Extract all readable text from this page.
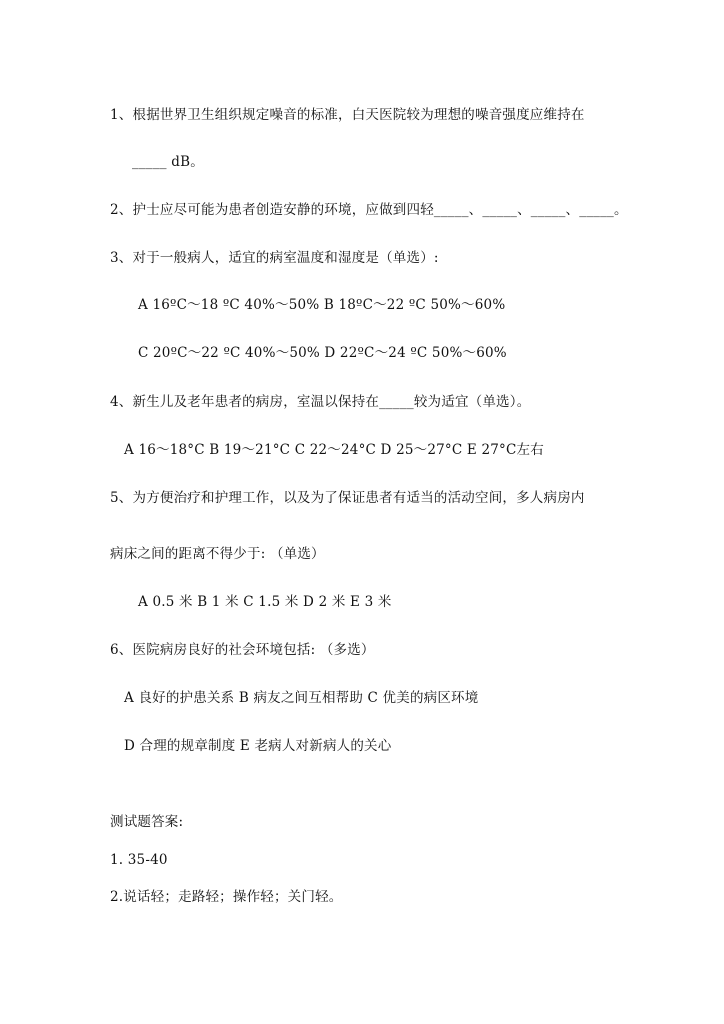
1、根据世界卫生组织规定噪音的标准，白天医院较为理想的噪音强度应维持在
_____ dB。
2、护士应尽可能为患者创造安静的环境，应做到四轻_____、_____、_____、_____。
3、对于一般病人，适宜的病室温度和湿度是（单选）:
A 16ºC～18 ºC 40%～50% B 18ºC～22 ºC 50%～60%
C 20ºC～22 ºC 40%～50% D 22ºC～24 ºC 50%～60%
4、新生儿及老年患者的病房，室温以保持在_____较为适宜（单选）。
A 16～18°C B 19～21°C C 22～24°C D 25～27°C E 27°C左右
5、为方便治疗和护理工作，以及为了保证患者有适当的活动空间，多人病房内
病床之间的距离不得少于: （单选）
A 0.5 米 B 1 米 C 1.5 米 D 2 米 E 3 米
6、医院病房良好的社会环境包括: （多选）
A 良好的护患关系 B 病友之间互相帮助 C 优美的病区环境
D 合理的规章制度 E 老病人对新病人的关心
测试题答案:
1. 35-40
2.说话轻；走路轻；操作轻；关门轻。
